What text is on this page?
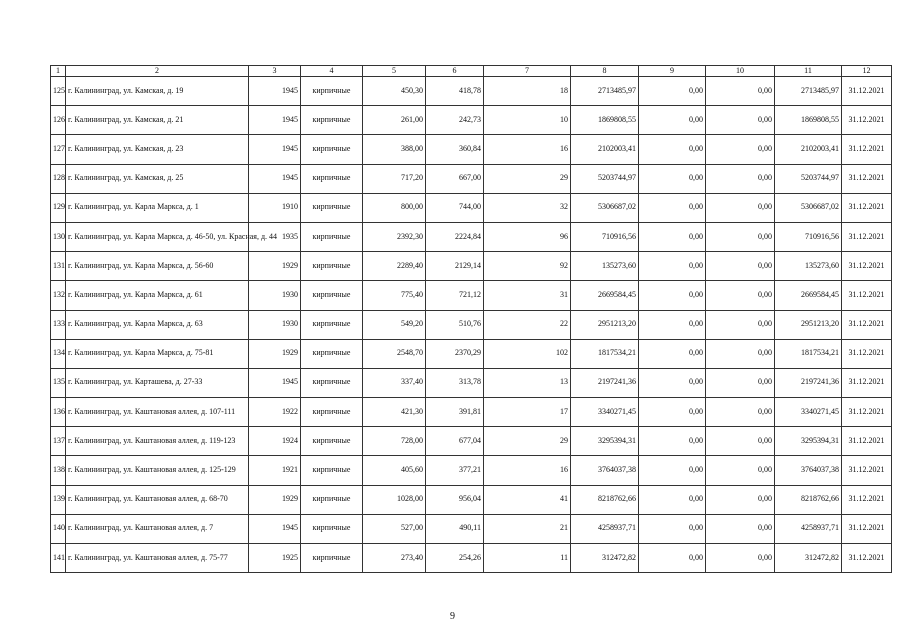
1	2	3	4	5	6	7	8	9	10	11	12
125	г. Калининград, ул. Камская, д. 19	1945	кирпичные	450,30	418,78	18	2713485,97	0,00	0,00	2713485,97	31.12.2021
126	г. Калининград, ул. Камская, д. 21	1945	кирпичные	261,00	242,73	10	1869808,55	0,00	0,00	1869808,55	31.12.2021
127	г. Калининград, ул. Камская, д. 23	1945	кирпичные	388,00	360,84	16	2102003,41	0,00	0,00	2102003,41	31.12.2021
128	г. Калининград, ул. Камская, д. 25	1945	кирпичные	717,20	667,00	29	5203744,97	0,00	0,00	5203744,97	31.12.2021
129	г. Калининград, ул. Карла Маркса, д. 1	1910	кирпичные	800,00	744,00	32	5306687,02	0,00	0,00	5306687,02	31.12.2021
130	г. Калининград, ул. Карла Маркса, д. 46-50, ул. Красная, д. 44	1935	кирпичные	2392,30	2224,84	96	710916,56	0,00	0,00	710916,56	31.12.2021
131	г. Калининград, ул. Карла Маркса, д. 56-60	1929	кирпичные	2289,40	2129,14	92	135273,60	0,00	0,00	135273,60	31.12.2021
132	г. Калининград, ул. Карла Маркса, д. 61	1930	кирпичные	775,40	721,12	31	2669584,45	0,00	0,00	2669584,45	31.12.2021
133	г. Калининград, ул. Карла Маркса, д. 63	1930	кирпичные	549,20	510,76	22	2951213,20	0,00	0,00	2951213,20	31.12.2021
134	г. Калининград, ул. Карла Маркса, д. 75-81	1929	кирпичные	2548,70	2370,29	102	1817534,21	0,00	0,00	1817534,21	31.12.2021
135	г. Калининград, ул. Карташева, д. 27-33	1945	кирпичные	337,40	313,78	13	2197241,36	0,00	0,00	2197241,36	31.12.2021
136	г. Калининград, ул. Каштановая аллея, д. 107-111	1922	кирпичные	421,30	391,81	17	3340271,45	0,00	0,00	3340271,45	31.12.2021
137	г. Калининград, ул. Каштановая аллея, д. 119-123	1924	кирпичные	728,00	677,04	29	3295394,31	0,00	0,00	3295394,31	31.12.2021
138	г. Калининград, ул. Каштановая аллея, д. 125-129	1921	кирпичные	405,60	377,21	16	3764037,38	0,00	0,00	3764037,38	31.12.2021
139	г. Калининград, ул. Каштановая аллея, д. 68-70	1929	кирпичные	1028,00	956,04	41	8218762,66	0,00	0,00	8218762,66	31.12.2021
140	г. Калининград, ул. Каштановая аллея, д. 7	1945	кирпичные	527,00	490,11	21	4258937,71	0,00	0,00	4258937,71	31.12.2021
141	г. Калининград, ул. Каштановая аллея, д. 75-77	1925	кирпичные	273,40	254,26	11	312472,82	0,00	0,00	312472,82	31.12.2021
9
